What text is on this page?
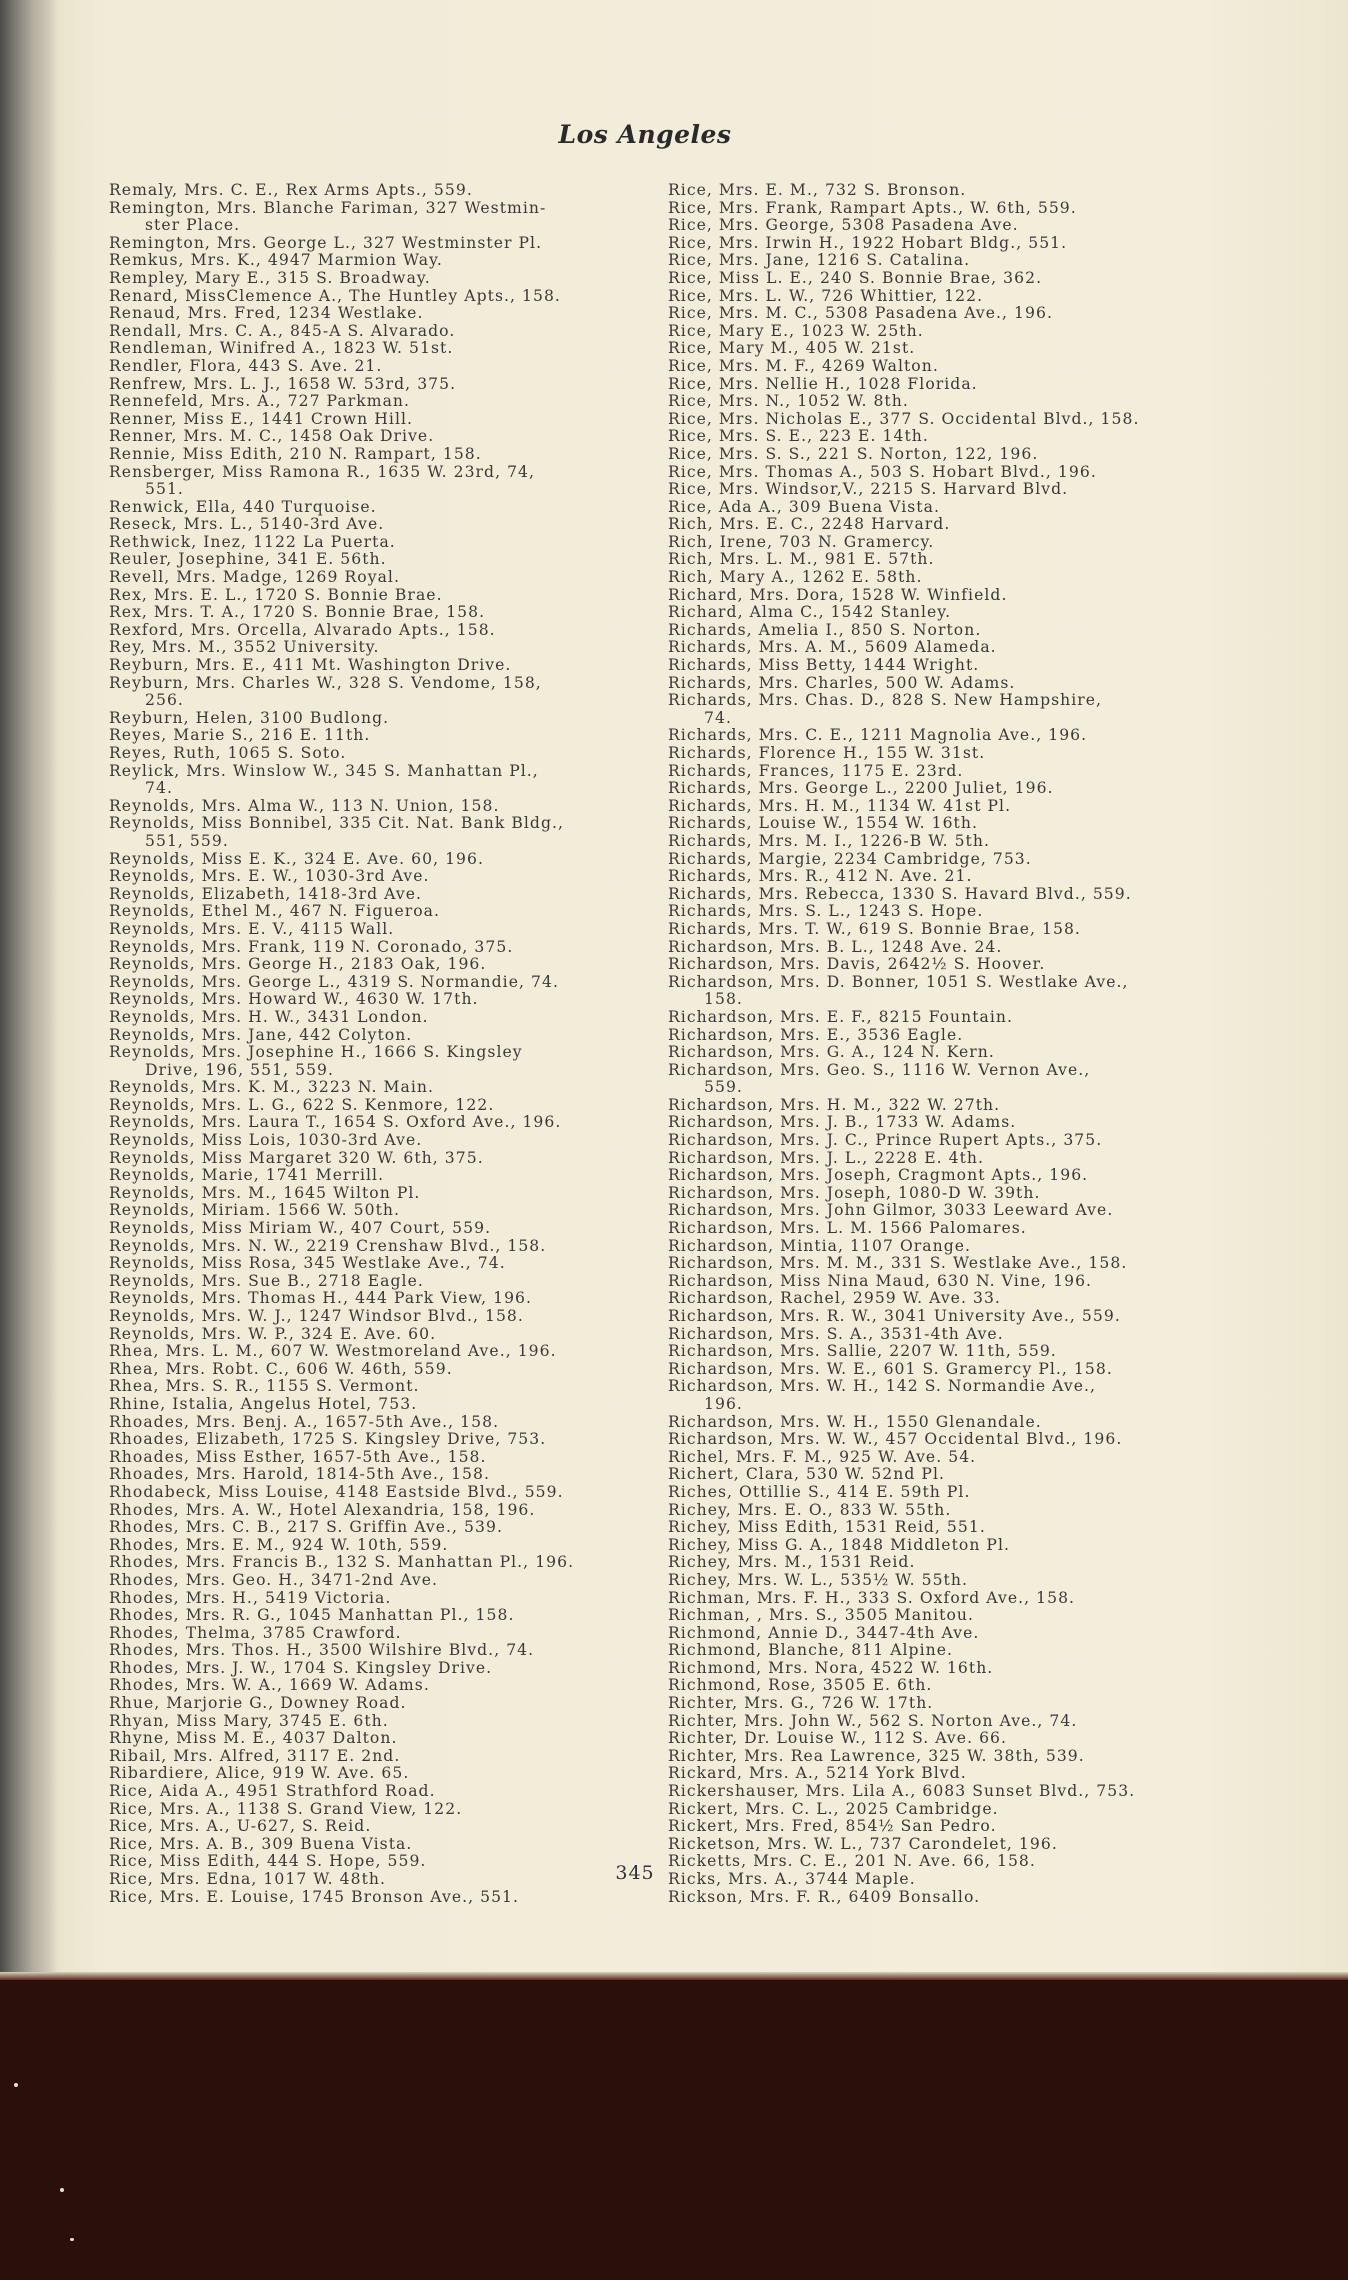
Los Angeles
Remaly, Mrs. C. E., Rex Arms Apts., 559.
Remington, Mrs. Blanche Fariman, 327 Westmin-
ster Place.
Remington, Mrs. George L., 327 Westminster Pl.
Remkus, Mrs. K., 4947 Marmion Way.
Rempley, Mary E., 315 S. Broadway.
Renard, MissClemence A., The Huntley Apts., 158.
Renaud, Mrs. Fred, 1234 Westlake.
Rendall, Mrs. C. A., 845-A S. Alvarado.
Rendleman, Winifred A., 1823 W. 51st.
Rendler, Flora, 443 S. Ave. 21.
Renfrew, Mrs. L. J., 1658 W. 53rd, 375.
Rennefeld, Mrs. A., 727 Parkman.
Renner, Miss E., 1441 Crown Hill.
Renner, Mrs. M. C., 1458 Oak Drive.
Rennie, Miss Edith, 210 N. Rampart, 158.
Rensberger, Miss Ramona R., 1635 W. 23rd, 74,
551.
Renwick, Ella, 440 Turquoise.
Reseck, Mrs. L., 5140-3rd Ave.
Rethwick, Inez, 1122 La Puerta.
Reuler, Josephine, 341 E. 56th.
Revell, Mrs. Madge, 1269 Royal.
Rex, Mrs. E. L., 1720 S. Bonnie Brae.
Rex, Mrs. T. A., 1720 S. Bonnie Brae, 158.
Rexford, Mrs. Orcella, Alvarado Apts., 158.
Rey, Mrs. M., 3552 University.
Reyburn, Mrs. E., 411 Mt. Washington Drive.
Reyburn, Mrs. Charles W., 328 S. Vendome, 158,
256.
Reyburn, Helen, 3100 Budlong.
Reyes, Marie S., 216 E. 11th.
Reyes, Ruth, 1065 S. Soto.
Reylick, Mrs. Winslow W., 345 S. Manhattan Pl.,
74.
Reynolds, Mrs. Alma W., 113 N. Union, 158.
Reynolds, Miss Bonnibel, 335 Cit. Nat. Bank Bldg.,
551, 559.
Reynolds, Miss E. K., 324 E. Ave. 60, 196.
Reynolds, Mrs. E. W., 1030-3rd Ave.
Reynolds, Elizabeth, 1418-3rd Ave.
Reynolds, Ethel M., 467 N. Figueroa.
Reynolds, Mrs. E. V., 4115 Wall.
Reynolds, Mrs. Frank, 119 N. Coronado, 375.
Reynolds, Mrs. George H., 2183 Oak, 196.
Reynolds, Mrs. George L., 4319 S. Normandie, 74.
Reynolds, Mrs. Howard W., 4630 W. 17th.
Reynolds, Mrs. H. W., 3431 London.
Reynolds, Mrs. Jane, 442 Colyton.
Reynolds, Mrs. Josephine H., 1666 S. Kingsley
Drive, 196, 551, 559.
Reynolds, Mrs. K. M., 3223 N. Main.
Reynolds, Mrs. L. G., 622 S. Kenmore, 122.
Reynolds, Mrs. Laura T., 1654 S. Oxford Ave., 196.
Reynolds, Miss Lois, 1030-3rd Ave.
Reynolds, Miss Margaret 320 W. 6th, 375.
Reynolds, Marie, 1741 Merrill.
Reynolds, Mrs. M., 1645 Wilton Pl.
Reynolds, Miriam. 1566 W. 50th.
Reynolds, Miss Miriam W., 407 Court, 559.
Reynolds, Mrs. N. W., 2219 Crenshaw Blvd., 158.
Reynolds, Miss Rosa, 345 Westlake Ave., 74.
Reynolds, Mrs. Sue B., 2718 Eagle.
Reynolds, Mrs. Thomas H., 444 Park View, 196.
Reynolds, Mrs. W. J., 1247 Windsor Blvd., 158.
Reynolds, Mrs. W. P., 324 E. Ave. 60.
Rhea, Mrs. L. M., 607 W. Westmoreland Ave., 196.
Rhea, Mrs. Robt. C., 606 W. 46th, 559.
Rhea, Mrs. S. R., 1155 S. Vermont.
Rhine, Istalia, Angelus Hotel, 753.
Rhoades, Mrs. Benj. A., 1657-5th Ave., 158.
Rhoades, Elizabeth, 1725 S. Kingsley Drive, 753.
Rhoades, Miss Esther, 1657-5th Ave., 158.
Rhoades, Mrs. Harold, 1814-5th Ave., 158.
Rhodabeck, Miss Louise, 4148 Eastside Blvd., 559.
Rhodes, Mrs. A. W., Hotel Alexandria, 158, 196.
Rhodes, Mrs. C. B., 217 S. Griffin Ave., 539.
Rhodes, Mrs. E. M., 924 W. 10th, 559.
Rhodes, Mrs. Francis B., 132 S. Manhattan Pl., 196.
Rhodes, Mrs. Geo. H., 3471-2nd Ave.
Rhodes, Mrs. H., 5419 Victoria.
Rhodes, Mrs. R. G., 1045 Manhattan Pl., 158.
Rhodes, Thelma, 3785 Crawford.
Rhodes, Mrs. Thos. H., 3500 Wilshire Blvd., 74.
Rhodes, Mrs. J. W., 1704 S. Kingsley Drive.
Rhodes, Mrs. W. A., 1669 W. Adams.
Rhue, Marjorie G., Downey Road.
Rhyan, Miss Mary, 3745 E. 6th.
Rhyne, Miss M. E., 4037 Dalton.
Ribail, Mrs. Alfred, 3117 E. 2nd.
Ribardiere, Alice, 919 W. Ave. 65.
Rice, Aida A., 4951 Strathford Road.
Rice, Mrs. A., 1138 S. Grand View, 122.
Rice, Mrs. A., U-627, S. Reid.
Rice, Mrs. A. B., 309 Buena Vista.
Rice, Miss Edith, 444 S. Hope, 559.
Rice, Mrs. Edna, 1017 W. 48th.
Rice, Mrs. E. Louise, 1745 Bronson Ave., 551.
Rice, Mrs. E. M., 732 S. Bronson.
Rice, Mrs. Frank, Rampart Apts., W. 6th, 559.
Rice, Mrs. George, 5308 Pasadena Ave.
Rice, Mrs. Irwin H., 1922 Hobart Bldg., 551.
Rice, Mrs. Jane, 1216 S. Catalina.
Rice, Miss L. E., 240 S. Bonnie Brae, 362.
Rice, Mrs. L. W., 726 Whittier, 122.
Rice, Mrs. M. C., 5308 Pasadena Ave., 196.
Rice, Mary E., 1023 W. 25th.
Rice, Mary M., 405 W. 21st.
Rice, Mrs. M. F., 4269 Walton.
Rice, Mrs. Nellie H., 1028 Florida.
Rice, Mrs. N., 1052 W. 8th.
Rice, Mrs. Nicholas E., 377 S. Occidental Blvd., 158.
Rice, Mrs. S. E., 223 E. 14th.
Rice, Mrs. S. S., 221 S. Norton, 122, 196.
Rice, Mrs. Thomas A., 503 S. Hobart Blvd., 196.
Rice, Mrs. Windsor,V., 2215 S. Harvard Blvd.
Rice, Ada A., 309 Buena Vista.
Rich, Mrs. E. C., 2248 Harvard.
Rich, Irene, 703 N. Gramercy.
Rich, Mrs. L. M., 981 E. 57th.
Rich, Mary A., 1262 E. 58th.
Richard, Mrs. Dora, 1528 W. Winfield.
Richard, Alma C., 1542 Stanley.
Richards, Amelia I., 850 S. Norton.
Richards, Mrs. A. M., 5609 Alameda.
Richards, Miss Betty, 1444 Wright.
Richards, Mrs. Charles, 500 W. Adams.
Richards, Mrs. Chas. D., 828 S. New Hampshire,
74.
Richards, Mrs. C. E., 1211 Magnolia Ave., 196.
Richards, Florence H., 155 W. 31st.
Richards, Frances, 1175 E. 23rd.
Richards, Mrs. George L., 2200 Juliet, 196.
Richards, Mrs. H. M., 1134 W. 41st Pl.
Richards, Louise W., 1554 W. 16th.
Richards, Mrs. M. I., 1226-B W. 5th.
Richards, Margie, 2234 Cambridge, 753.
Richards, Mrs. R., 412 N. Ave. 21.
Richards, Mrs. Rebecca, 1330 S. Havard Blvd., 559.
Richards, Mrs. S. L., 1243 S. Hope.
Richards, Mrs. T. W., 619 S. Bonnie Brae, 158.
Richardson, Mrs. B. L., 1248 Ave. 24.
Richardson, Mrs. Davis, 2642½ S. Hoover.
Richardson, Mrs. D. Bonner, 1051 S. Westlake Ave.,
158.
Richardson, Mrs. E. F., 8215 Fountain.
Richardson, Mrs. E., 3536 Eagle.
Richardson, Mrs. G. A., 124 N. Kern.
Richardson, Mrs. Geo. S., 1116 W. Vernon Ave.,
559.
Richardson, Mrs. H. M., 322 W. 27th.
Richardson, Mrs. J. B., 1733 W. Adams.
Richardson, Mrs. J. C., Prince Rupert Apts., 375.
Richardson, Mrs. J. L., 2228 E. 4th.
Richardson, Mrs. Joseph, Cragmont Apts., 196.
Richardson, Mrs. Joseph, 1080-D W. 39th.
Richardson, Mrs. John Gilmor, 3033 Leeward Ave.
Richardson, Mrs. L. M. 1566 Palomares.
Richardson, Mintia, 1107 Orange.
Richardson, Mrs. M. M., 331 S. Westlake Ave., 158.
Richardson, Miss Nina Maud, 630 N. Vine, 196.
Richardson, Rachel, 2959 W. Ave. 33.
Richardson, Mrs. R. W., 3041 University Ave., 559.
Richardson, Mrs. S. A., 3531-4th Ave.
Richardson, Mrs. Sallie, 2207 W. 11th, 559.
Richardson, Mrs. W. E., 601 S. Gramercy Pl., 158.
Richardson, Mrs. W. H., 142 S. Normandie Ave.,
196.
Richardson, Mrs. W. H., 1550 Glenandale.
Richardson, Mrs. W. W., 457 Occidental Blvd., 196.
Richel, Mrs. F. M., 925 W. Ave. 54.
Richert, Clara, 530 W. 52nd Pl.
Riches, Ottillie S., 414 E. 59th Pl.
Richey, Mrs. E. O., 833 W. 55th.
Richey, Miss Edith, 1531 Reid, 551.
Richey, Miss G. A., 1848 Middleton Pl.
Richey, Mrs. M., 1531 Reid.
Richey, Mrs. W. L., 535½ W. 55th.
Richman, Mrs. F. H., 333 S. Oxford Ave., 158.
Richman, , Mrs. S., 3505 Manitou.
Richmond, Annie D., 3447-4th Ave.
Richmond, Blanche, 811 Alpine.
Richmond, Mrs. Nora, 4522 W. 16th.
Richmond, Rose, 3505 E. 6th.
Richter, Mrs. G., 726 W. 17th.
Richter, Mrs. John W., 562 S. Norton Ave., 74.
Richter, Dr. Louise W., 112 S. Ave. 66.
Richter, Mrs. Rea Lawrence, 325 W. 38th, 539.
Rickard, Mrs. A., 5214 York Blvd.
Rickershauser, Mrs. Lila A., 6083 Sunset Blvd., 753.
Rickert, Mrs. C. L., 2025 Cambridge.
Rickert, Mrs. Fred, 854½ San Pedro.
Ricketson, Mrs. W. L., 737 Carondelet, 196.
Ricketts, Mrs. C. E., 201 N. Ave. 66, 158.
Ricks, Mrs. A., 3744 Maple.
Rickson, Mrs. F. R., 6409 Bonsallo.
345
